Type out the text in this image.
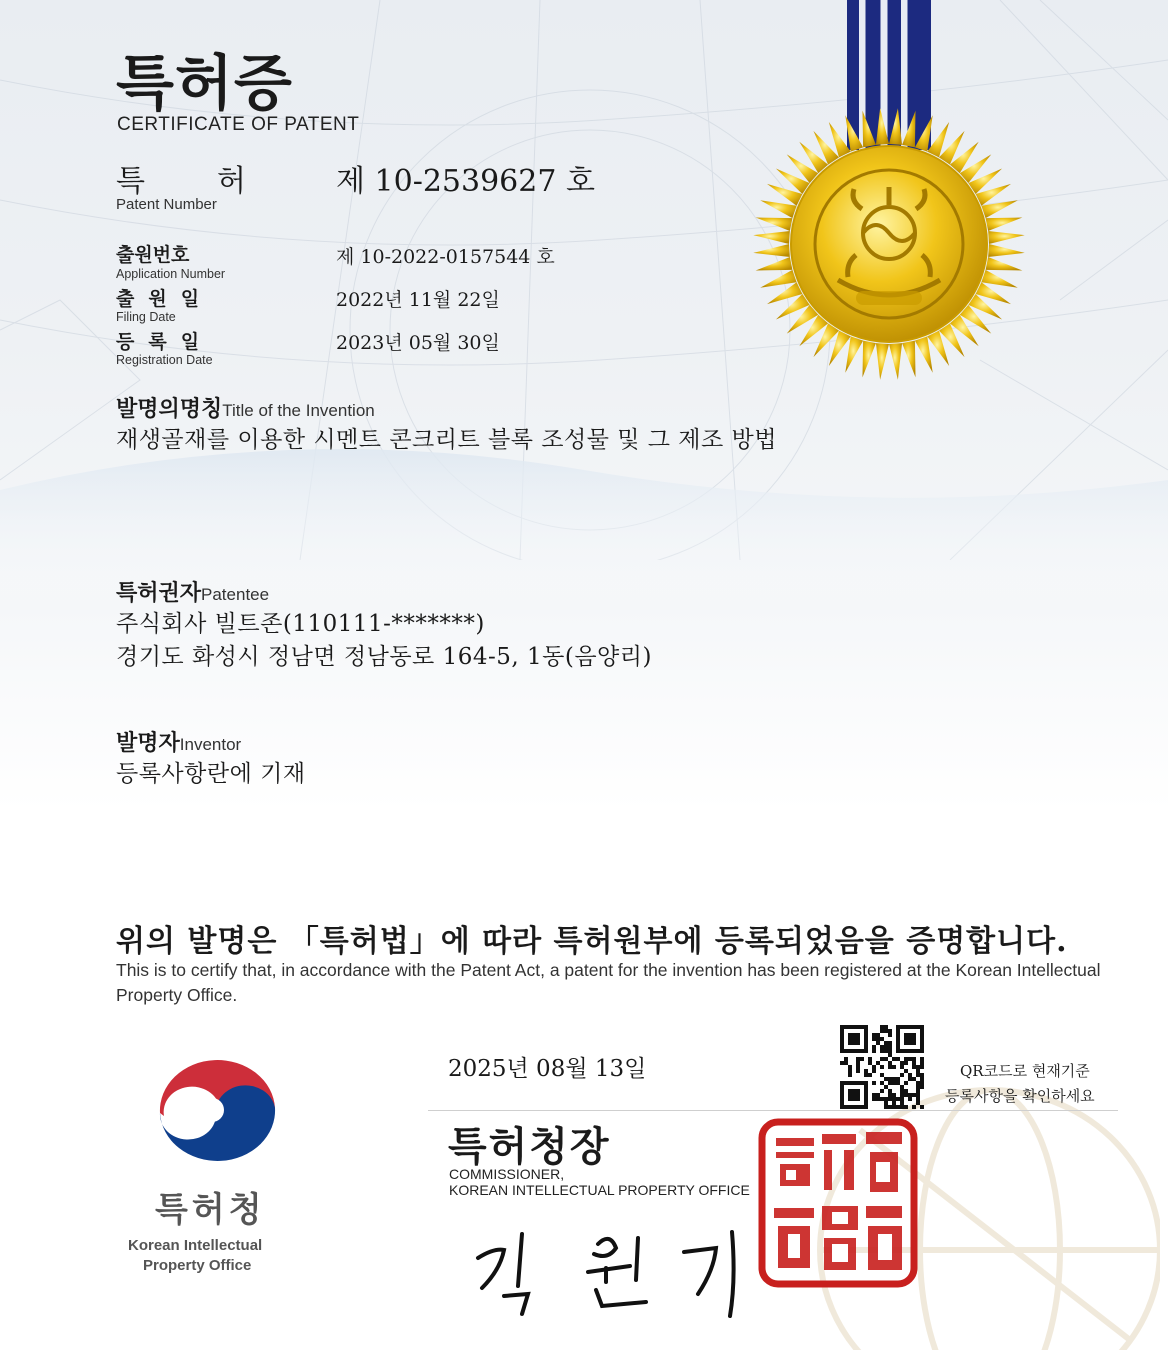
특허증
CERTIFICATE OF PATENT
특허 제 10-2539627 호
Patent Number
출원번호
Application Number
제 10-2022-0157544 호
출원일
Filing Date
2022년 11월 22일
등록일
Registration Date
2023년 05월 30일
발명의명칭Title of the Invention
재생골재를 이용한 시멘트 콘크리트 블록 조성물 및 그 제조 방법
특허권자Patentee
주식회사 빌트존(110111-*******)
경기도 화성시 정남면 정남동로 164-5, 1동(음양리)
발명자Inventor
등록사항란에 기재
위의 발명은 「특허법」에 따라 특허원부에 등록되었음을 증명합니다.
This is to certify that, in accordance with the Patent Act, a patent for the invention has been registered at the Korean Intellectual Property Office.
특허청
Korean Intellectual
Property Office
2025년 08월 13일	QR코드로 현재기준
등록사항을 확인하세요
특허청장
COMMISSIONER,
KOREAN INTELLECTUAL PROPERTY OFFICE
